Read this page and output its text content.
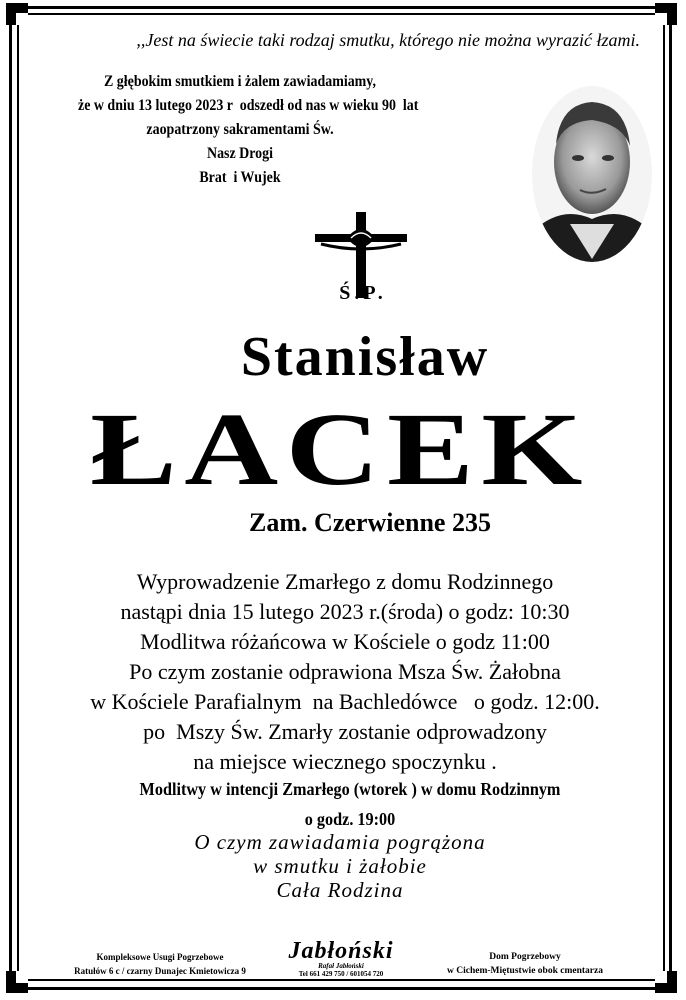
,,Jest na świecie taki rodzaj smutku, którego nie można wyrazić łzami.
Z głębokim smutkiem i żalem zawiadamiamy,
że w dniu 13 lutego 2023 r  odszedł od nas w wieku 90  lat
zaopatrzony sakramentami Św.
Nasz Drogi
Brat  i Wujek
Ś.P.
Stanisław
ŁACEK
Zam. Czerwienne 235
Wyprowadzenie Zmarłego z domu Rodzinnego
nastąpi dnia 15 lutego 2023 r.(środa) o godz: 10:30
Modlitwa różańcowa w Kościele o godz 11:00
Po czym zostanie odprawiona Msza Św. Żałobna
w Kościele Parafialnym  na Bachledówce   o godz. 12:00.
po  Mszy Św. Zmarły zostanie odprowadzony
na miejsce wiecznego spoczynku .
Modlitwy w intencji Zmarłego (wtorek ) w domu Rodzinnym
o godz. 19:00
O czym zawiadamia pogrążona
w smutku i żałobie
Cała Rodzina
Kompleksowe Usugi Pogrzebowe
Ratułów 6 c / czarny Dunajec Kmietowicza 9
Jabłoński
Rafał Jabłoński
Tel 661 429 750 / 601054 720
Dom Pogrzebowy
w Cichem-Miętustwie obok cmentarza
